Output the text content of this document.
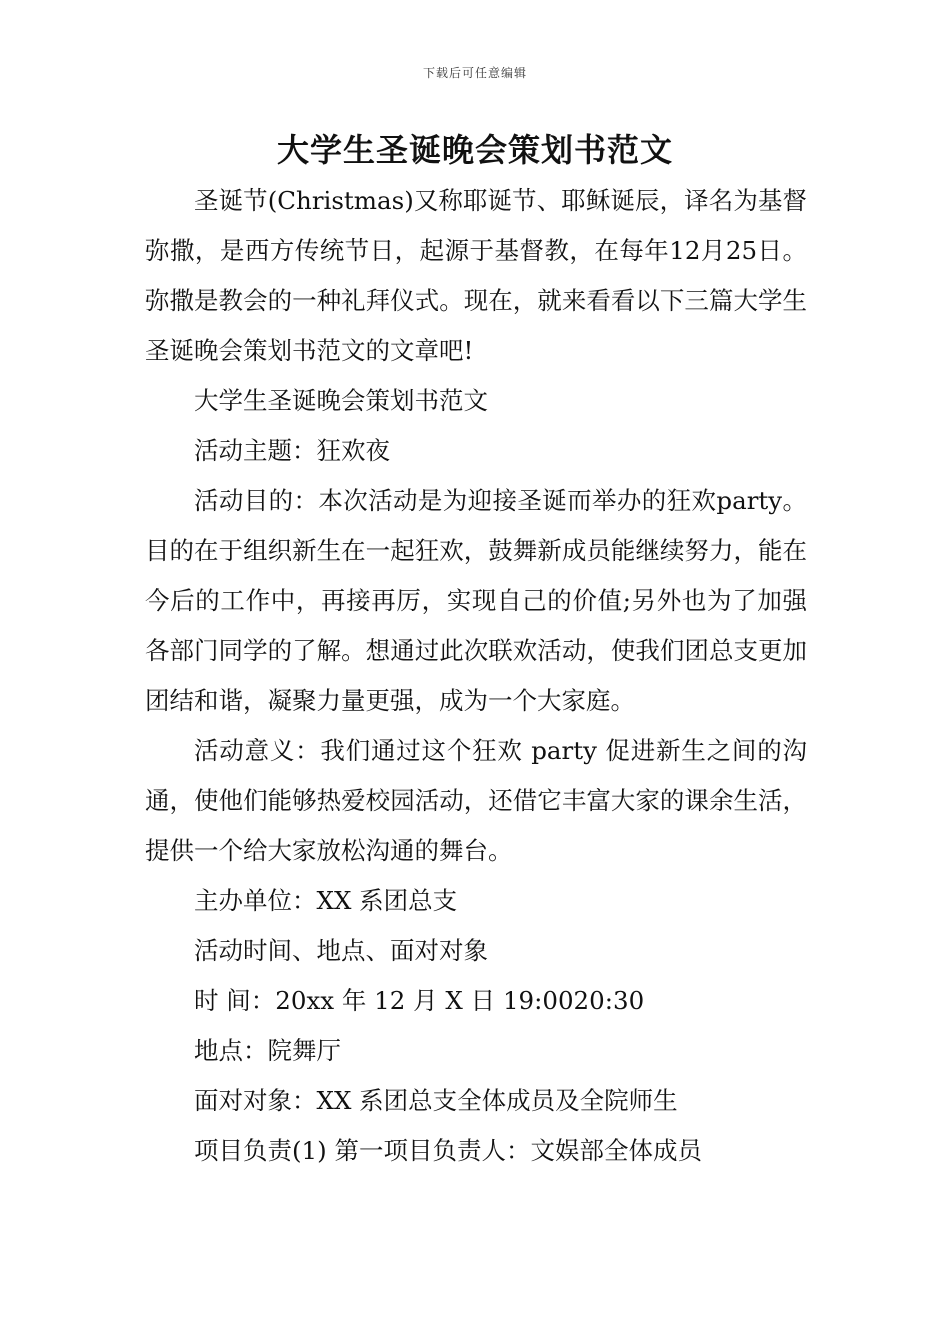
下载后可任意编辑
大学生圣诞晚会策划书范文

圣诞节(Christmas)又称耶诞节、耶稣诞辰，译名为基督弥撒，是西方传统节日，起源于基督教，在每年12月25日。弥撒是教会的一种礼拜仪式。现在，就来看看以下三篇大学生圣诞晚会策划书范文的文章吧!

大学生圣诞晚会策划书范文

活动主题：狂欢夜

活动目的：本次活动是为迎接圣诞而举办的狂欢party。目的在于组织新生在一起狂欢，鼓舞新成员能继续努力，能在今后的工作中，再接再厉，实现自己的价值;另外也为了加强各部门同学的了解。想通过此次联欢活动，使我们团总支更加团结和谐，凝聚力量更强，成为一个大家庭。

活动意义：我们通过这个狂欢 party 促进新生之间的沟通，使他们能够热爱校园活动，还借它丰富大家的课余生活，提供一个给大家放松沟通的舞台。

主办单位：XX 系团总支

活动时间、地点、面对对象

时 间：20xx 年 12 月 X 日 19:0020:30

地点：院舞厅

面对对象：XX 系团总支全体成员及全院师生

项目负责(1) 第一项目负责人：文娱部全体成员
